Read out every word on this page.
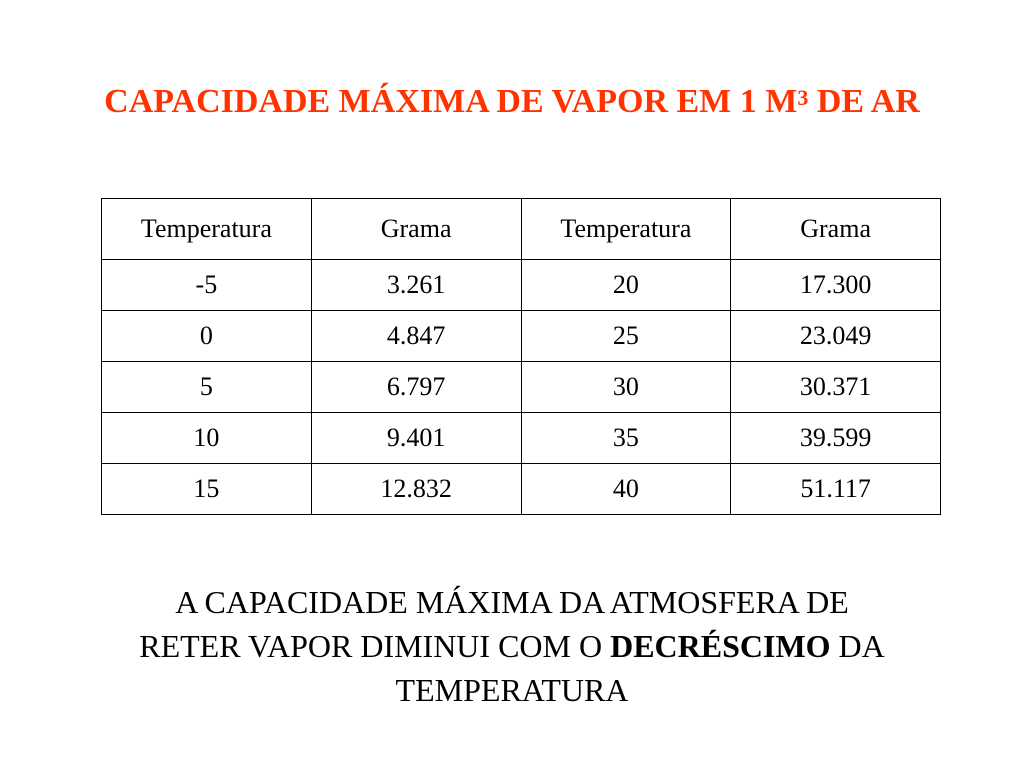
CAPACIDADE MÁXIMA DE VAPOR EM 1 $M^3$ DE AR
Temperatura	Grama	Temperatura	Grama
-5	3.261	20	17.300
0	4.847	25	23.049
5	6.797	30	30.371
10	9.401	35	39.599
15	12.832	40	51.117
A CAPACIDADE MÁXIMA DA ATMOSFERA DE
RETER VAPOR DIMINUI COM O DECRÉSCIMO DA
TEMPERATURA
